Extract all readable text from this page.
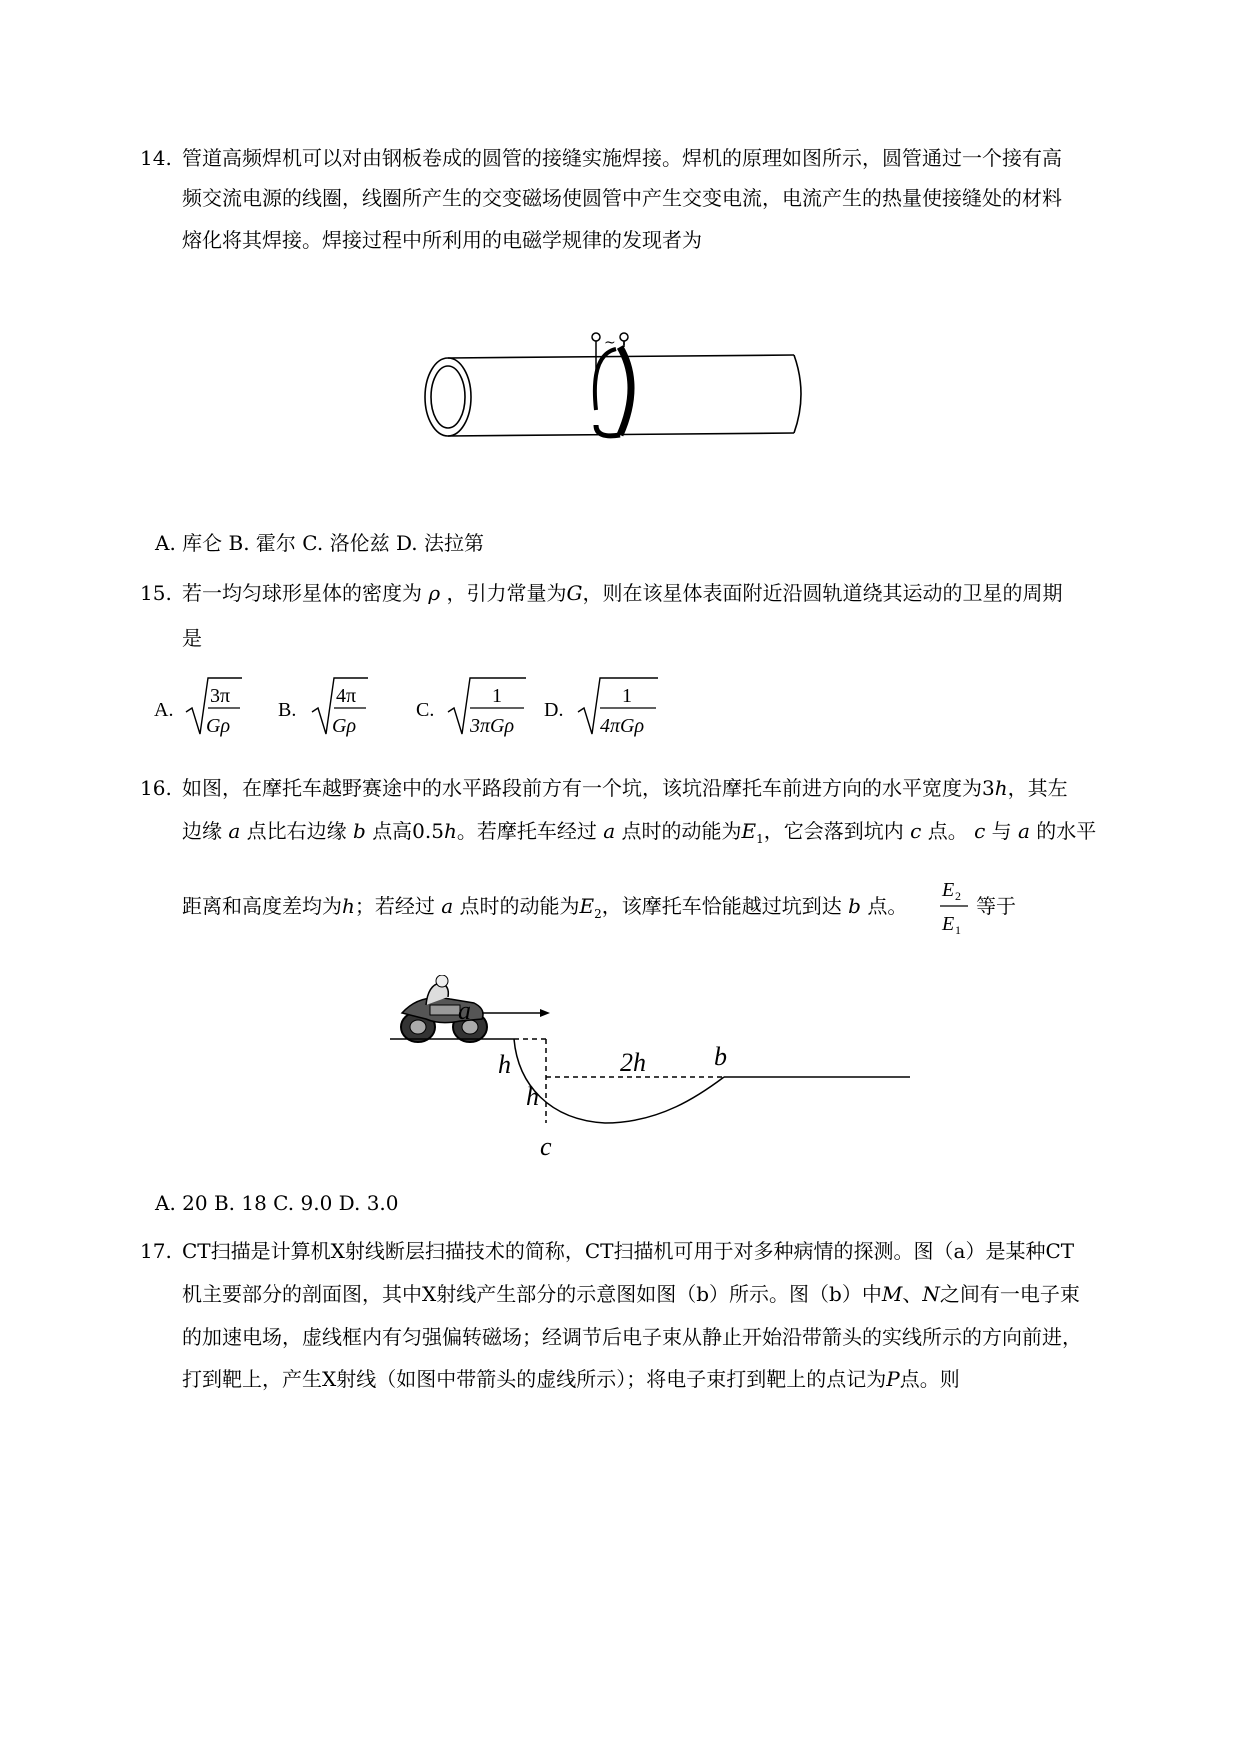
14. 管道高频焊机可以对由钢板卷成的圆管的接缝实施焊接。焊机的原理如图所示，圆管通过一个接有高
频交流电源的线圈，线圈所产生的交变磁场使圆管中产生交变电流，电流产生的热量使接缝处的材料
熔化将其焊接。焊接过程中所利用的电磁学规律的发现者为
~
A. 库仑 B. 霍尔 C. 洛伦兹 D. 法拉第
15. 若一均匀球形星体的密度为 ρ ，引力常量为G，则在该星体表面附近沿圆轨道绕其运动的卫星的周期
是
A.
3π
Gρ
B.
4π
Gρ
C.
1
3πGρ
D.
1
4πGρ
16. 如图，在摩托车越野赛途中的水平路段前方有一个坑，该坑沿摩托车前进方向的水平宽度为3h，其左
边缘 a 点比右边缘 b 点高0.5h。若摩托车经过 a 点时的动能为$E_1$，它会落到坑内 c 点。 c 与 a 的水平
距离和高度差均为h；若经过 a 点时的动能为$E_2$，该摩托车恰能越过坑到达 b 点。
E 2
E 1
等于
a
h
h
2h	b
c
A. 20 B. 18 C. 9.0 D. 3.0
17. CT扫描是计算机X射线断层扫描技术的简称，CT扫描机可用于对多种病情的探测。图（a）是某种CT
机主要部分的剖面图，其中X射线产生部分的示意图如图（b）所示。图（b）中M、N之间有一电子束
的加速电场，虚线框内有匀强偏转磁场；经调节后电子束从静止开始沿带箭头的实线所示的方向前进，
打到靶上，产生X射线（如图中带箭头的虚线所示）；将电子束打到靶上的点记为P点。则
